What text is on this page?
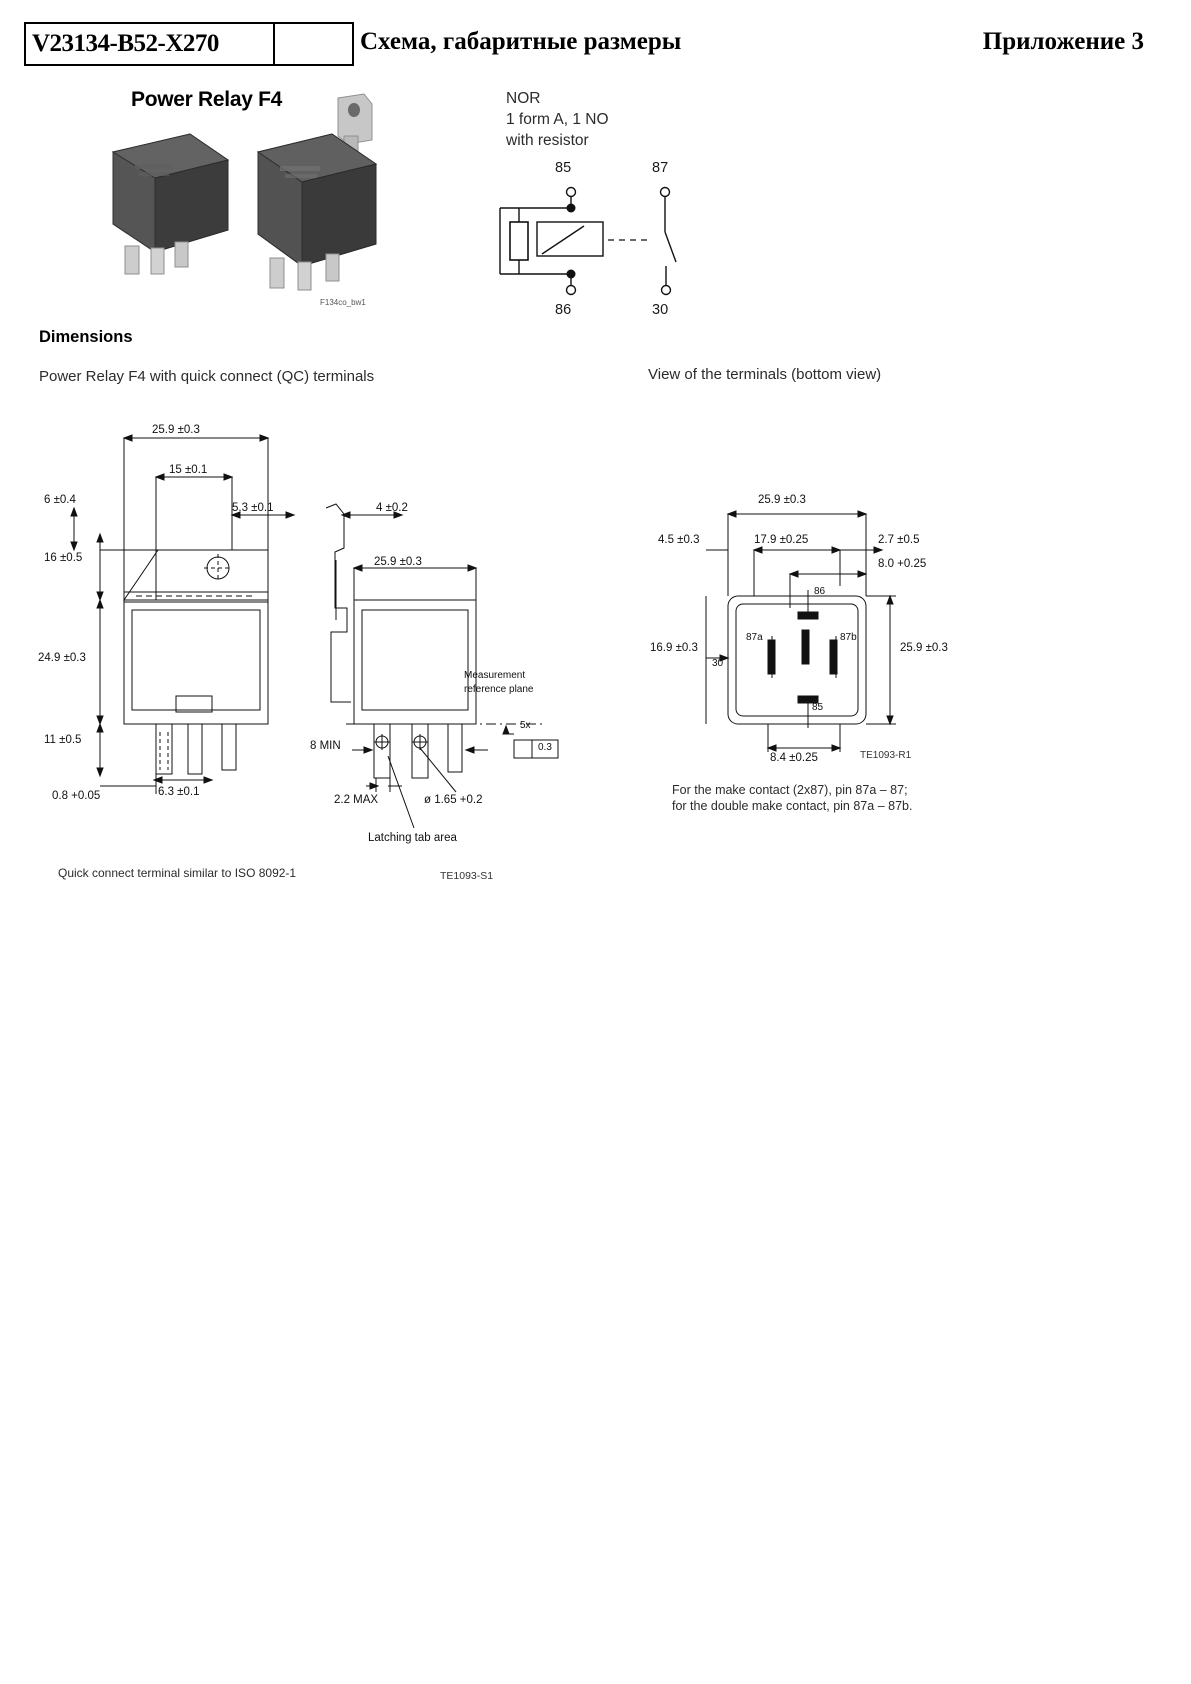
V23134-B52-X270	Схема, габаритные размеры	Приложение 3
Power Relay F4
F134co_bw1
NOR
1 form A, 1 NO
with resistor
85	87
86	30
Dimensions
Power Relay F4 with quick connect (QC) terminals	View of the terminals (bottom view)
25.9 ±0.3
15 ±0.1
6 ±0.4
5.3 ±0.1	4 ±0.2
16 ±0.5	25.9 ±0.3
24.9 ±0.3
11 ±0.5
0.8 +0.05	6.3 ±0.1
8 MIN
2.2 MAX	ø 1.65 +0.2
5x
0.3
Measurement
reference plane
Latching tab area
Quick connect terminal similar to ISO 8092-1	TE1093-S1
25.9 ±0.3
17.9 ±0.25	2.7 ±0.5
4.5 ±0.3
8.0 +0.25
16.9 ±0.3	25.9 ±0.3
8.4 ±0.25
86
87a	87b
30
85
TE1093-R1
For the make contact (2x87), pin 87a – 87;
for the double make contact, pin 87a – 87b.
